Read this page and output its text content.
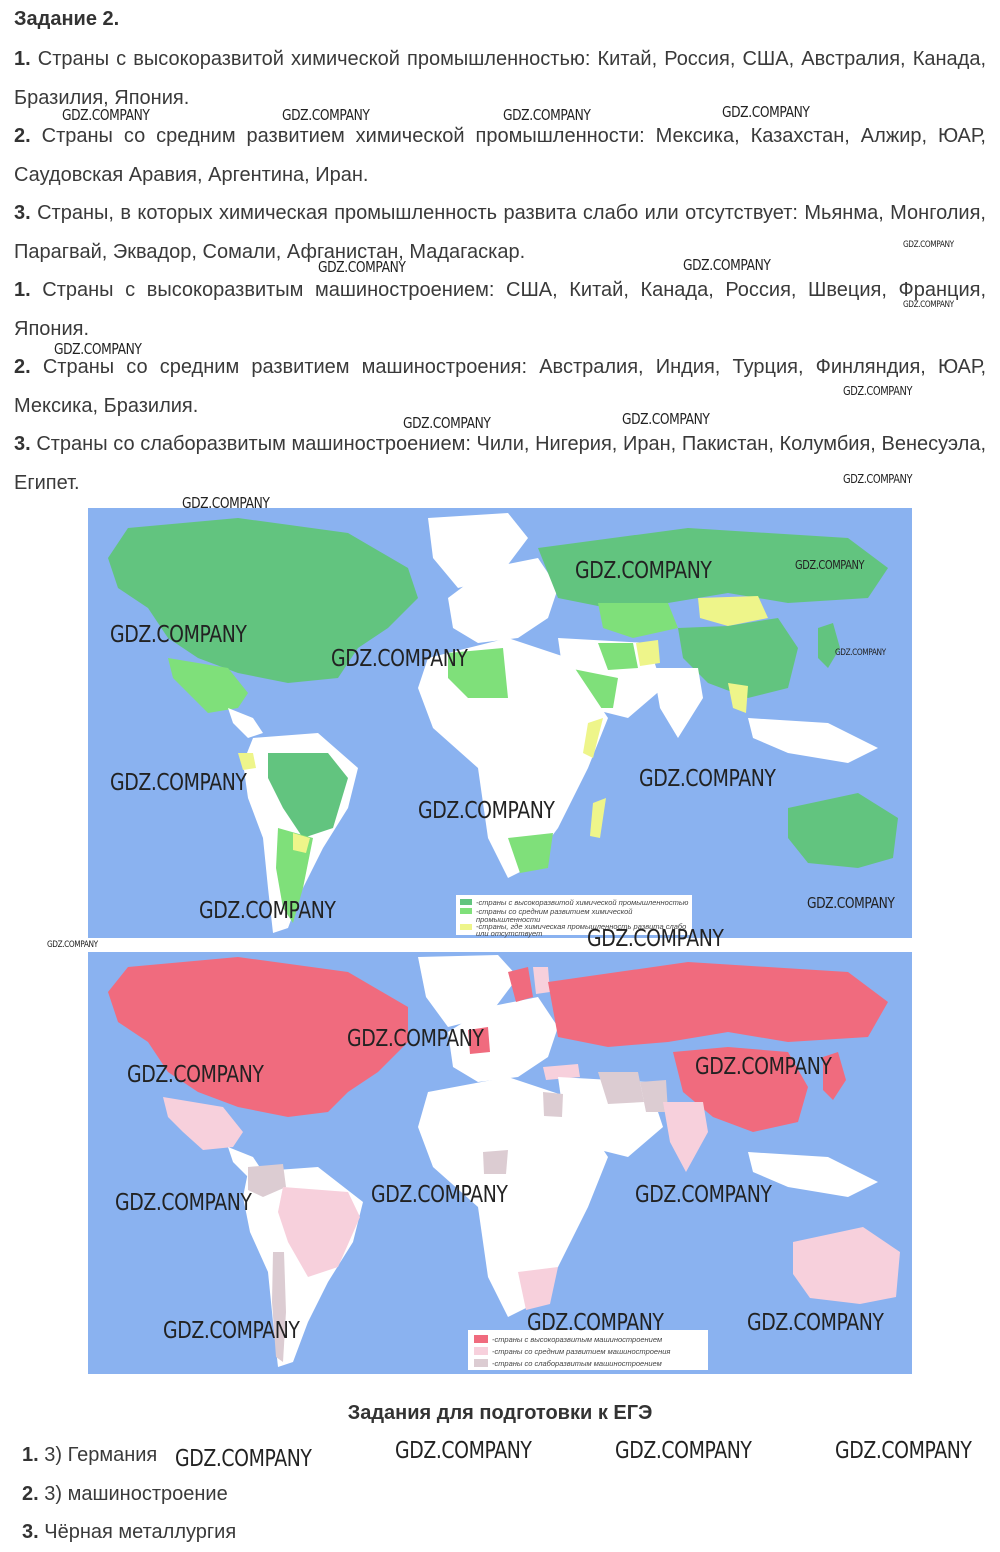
Задание 2.

1. Страны с высокоразвитой химической промышленностью: Китай, Россия, США, Австралия, Канада, Бразилия, Япония.

2. Страны со средним развитием химической промышленности: Мексика, Казахстан, Алжир, ЮАР, Саудовская Аравия, Аргентина, Иран.

3. Страны, в которых химическая промышленность развита слабо или отсутствует: Мьянма, Монголия, Парагвай, Эквадор, Сомали, Афганистан, Мадагаскар.

1. Страны с высокоразвитым машиностроением: США, Китай, Канада, Россия, Швеция, Франция, Япония.

2. Страны со средним развитием машиностроения: Австралия, Индия, Турция, Финляндия, ЮАР, Мексика, Бразилия.

3. Страны со слаборазвитым машиностроением: Чили, Нигерия, Иран, Пакистан, Колумбия, Венесуэла, Египет.

-страны с высокоразвитой химической промышленностью
-страны со средним развитием химической
промышленности
-страны, где химическая промышленность развита слабо
или отсутствует
-страны с высокоразвитым машиностроением
-страны со средним развитием машиностроения
-страны со слаборазвитым машиностроением
Задания для подготовки к ЕГЭ
1. 3) Германия
2. 3) машиностроение
3. Чёрная металлургия
GDZ.COMPANY	GDZ.COMPANY	GDZ.COMPANY	GDZ.COMPANY
GDZ.COMPANY
GDZ.COMPANY	GDZ.COMPANY
GDZ.COMPANY
GDZ.COMPANY
GDZ.COMPANY
GDZ.COMPANY	GDZ.COMPANY
GDZ.COMPANY
GDZ.COMPANY
GDZ.COMPANY	GDZ.COMPANY
GDZ.COMPANY
GDZ.COMPANY	GDZ.COMPANY
GDZ.COMPANY	GDZ.COMPANY
GDZ.COMPANY
GDZ.COMPANY
GDZ.COMPANY
GDZ.COMPANY	GDZ.COMPANY
GDZ.COMPANY
GDZ.COMPANY
GDZ.COMPANY
GDZ.COMPANY	GDZ.COMPANY
GDZ.COMPANY
GDZ.COMPANY	GDZ.COMPANY
GDZ.COMPANY
GDZ.COMPANY	GDZ.COMPANY	GDZ.COMPANY
GDZ.COMPANY
